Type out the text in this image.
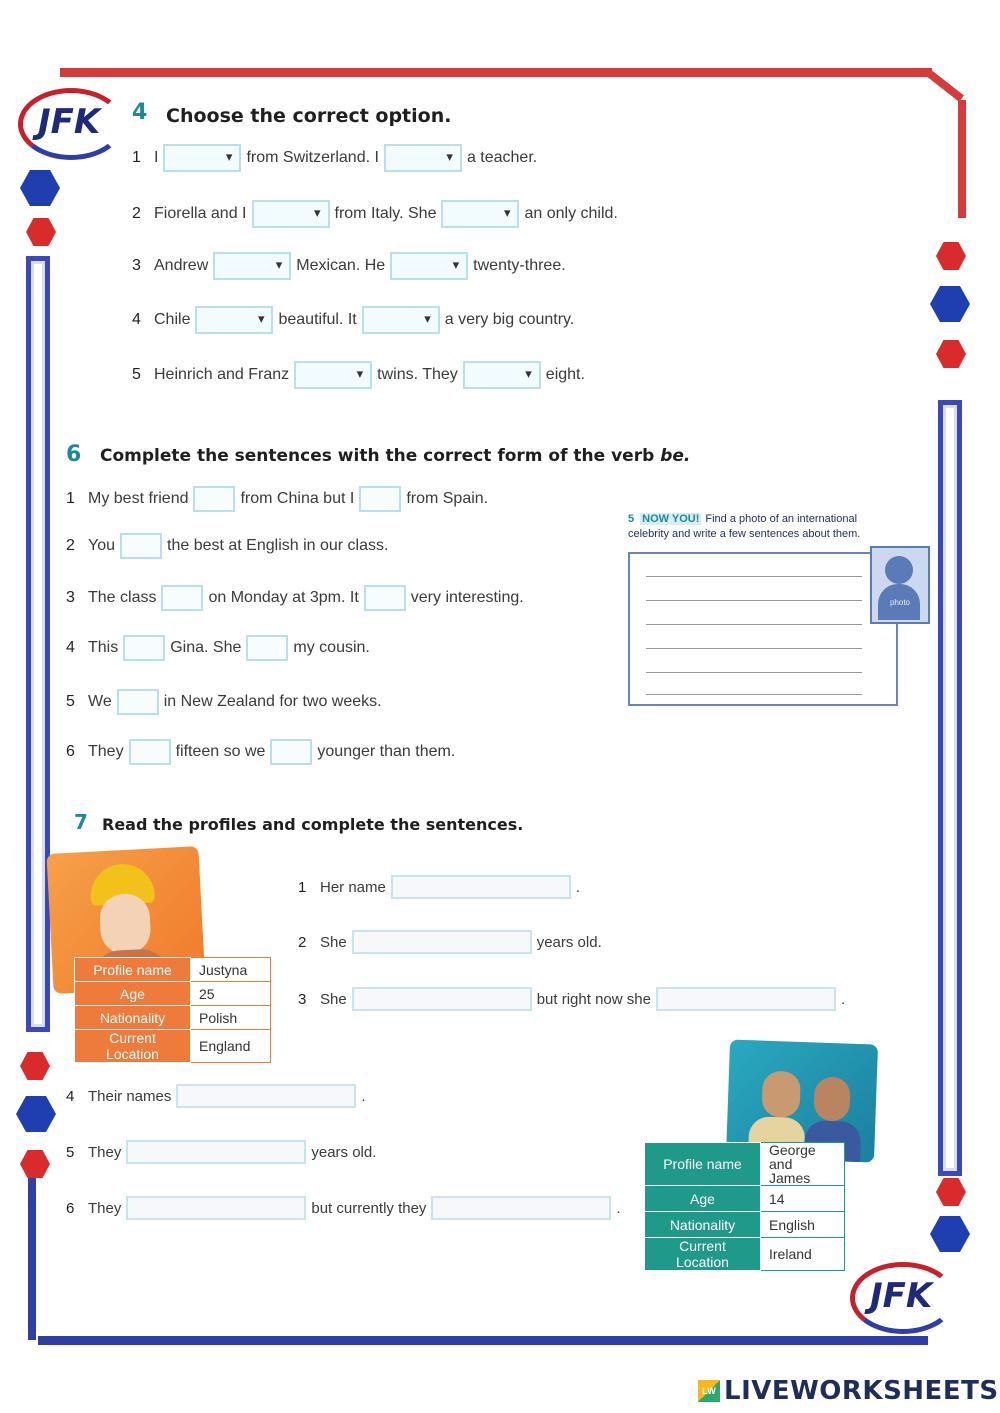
JFK
JFK
4 Choose the correct option.
1 I ▾	from Switzerland. I ▾	a teacher.
2 Fiorella and I ▾	from Italy. She ▾	an only child.
3 Andrew ▾	Mexican. He ▾	twenty-three.
4 Chile ▾	beautiful. It ▾	a very big country.
5 Heinrich and Franz ▾	twins. They ▾	eight.
6 Complete the sentences with the correct form of the verb be.
1 My best friend	from China but I	from Spain.
2 You	the best at English in our class.
3 The class	on Monday at 3pm. It	very interesting.
4 This	Gina. She	my cousin.
5 We	in New Zealand for two weeks.
6 They	fifteen so we	younger than them.
5 NOW YOU! Find a photo of an international
celebrity and write a few sentences about them.
photo
7 Read the profiles and complete the sentences.
Profile name	Justyna
Age	25
Nationality	Polish
Current Location	England
1 Her name	.
2 She	years old.
3 She	but right now she	.
4 Their names	.
5 They	years old.
6 They	but currently they	.
Profile name	George
and James
Age	14
Nationality	English
Current Location	Ireland
LW LIVEWORKSHEETS
